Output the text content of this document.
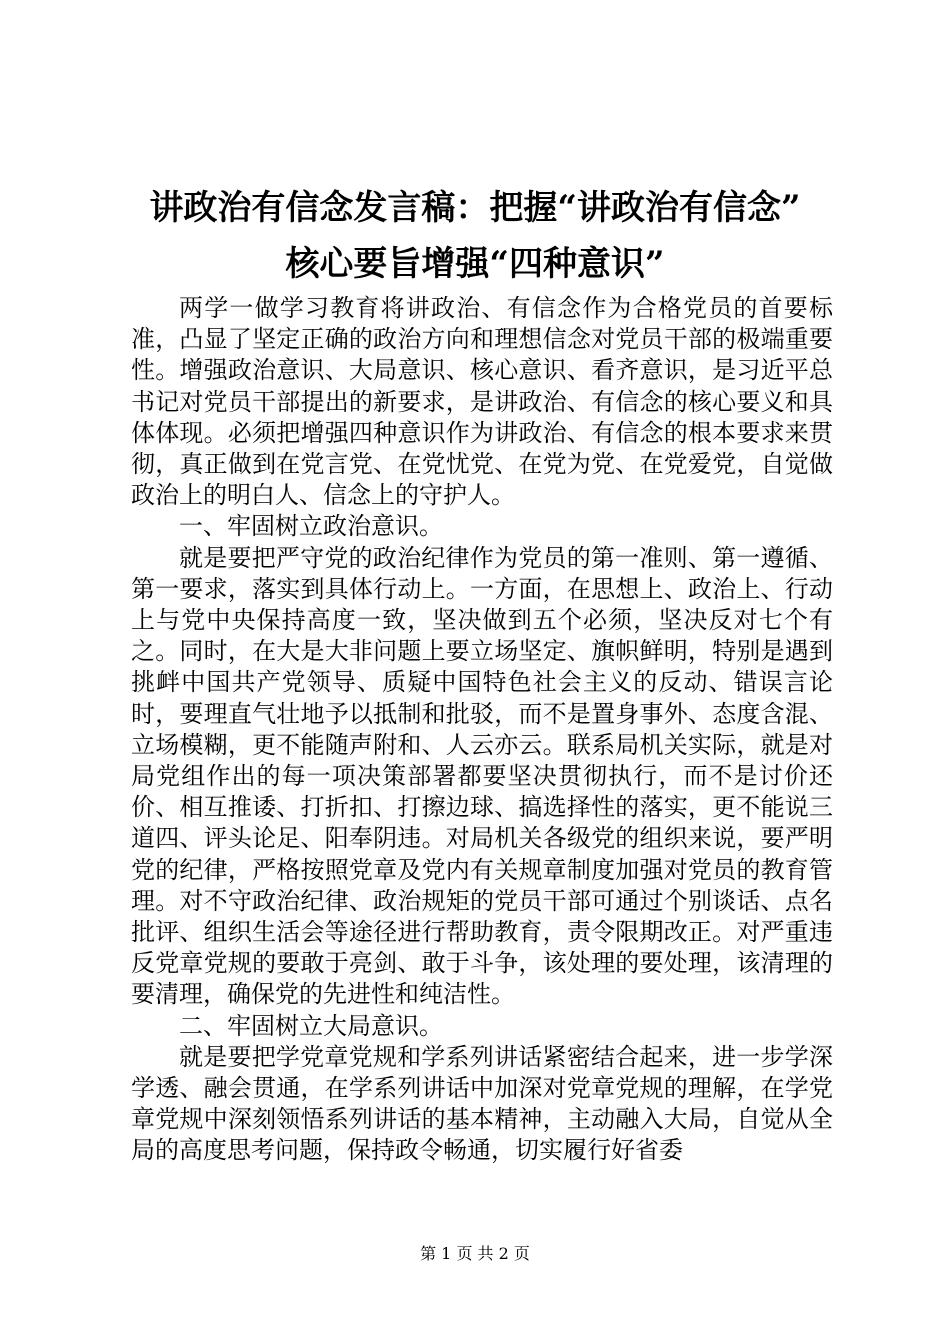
讲政治有信念发言稿：把握“讲政治有信念”
核心要旨增强“四种意识”

两学一做学习教育将讲政治、有信念作为合格党员的首要标准，凸显了坚定正确的政治方向和理想信念对党员干部的极端重要性。增强政治意识、大局意识、核心意识、看齐意识，是习近平总书记对党员干部提出的新要求，是讲政治、有信念的核心要义和具体体现。必须把增强四种意识作为讲政治、有信念的根本要求来贯彻，真正做到在党言党、在党忧党、在党为党、在党爱党，自觉做政治上的明白人、信念上的守护人。

一、牢固树立政治意识。

就是要把严守党的政治纪律作为党员的第一准则、第一遵循、第一要求，落实到具体行动上。一方面，在思想上、政治上、行动上与党中央保持高度一致，坚决做到五个必须，坚决反对七个有之。同时，在大是大非问题上要立场坚定、旗帜鲜明，特别是遇到挑衅中国共产党领导、质疑中国特色社会主义的反动、错误言论时，要理直气壮地予以抵制和批驳，而不是置身事外、态度含混、立场模糊，更不能随声附和、人云亦云。联系局机关实际，就是对局党组作出的每一项决策部署都要坚决贯彻执行，而不是讨价还价、相互推诿、打折扣、打擦边球、搞选择性的落实，更不能说三道四、评头论足、阳奉阴违。对局机关各级党的组织来说，要严明党的纪律，严格按照党章及党内有关规章制度加强对党员的教育管理。对不守政治纪律、政治规矩的党员干部可通过个别谈话、点名批评、组织生活会等途径进行帮助教育，责令限期改正。对严重违反党章党规的要敢于亮剑、敢于斗争，该处理的要处理，该清理的要清理，确保党的先进性和纯洁性。

二、牢固树立大局意识。

就是要把学党章党规和学系列讲话紧密结合起来，进一步学深学透、融会贯通，在学系列讲话中加深对党章党规的理解，在学党章党规中深刻领悟系列讲话的基本精神，主动融入大局，自觉从全局的高度思考问题，保持政令畅通，切实履行好省委

第 1 页 共 2 页
